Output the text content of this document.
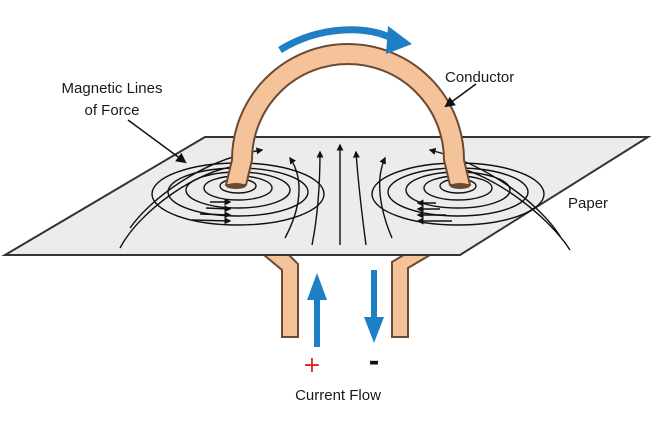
Magnetic Lines
of Force
Conductor
Paper
+ -
Current Flow
